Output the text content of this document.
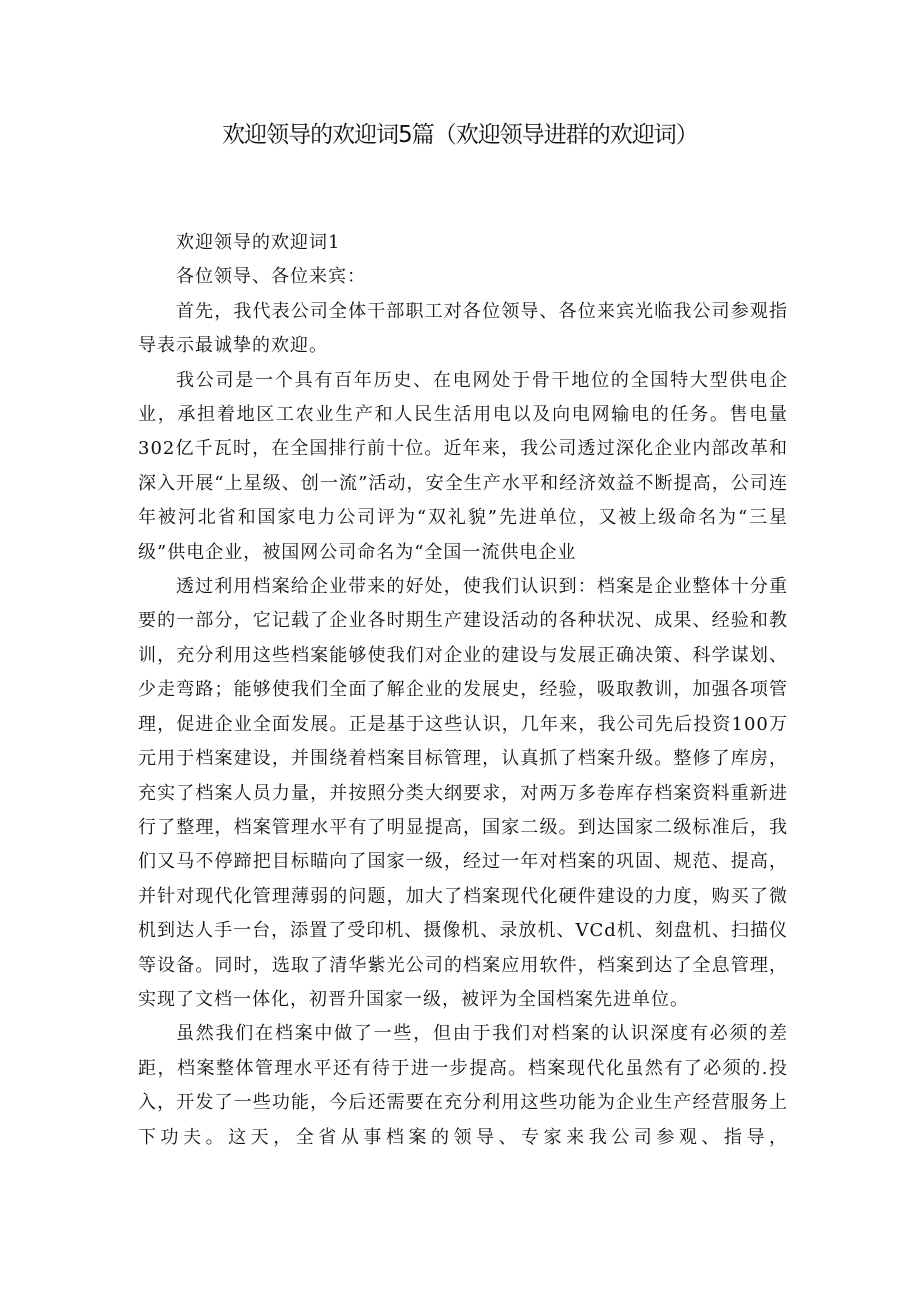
欢迎领导的欢迎词5篇（欢迎领导进群的欢迎词）

欢迎领导的欢迎词1

各位领导、各位来宾：

首先，我代表公司全体干部职工对各位领导、各位来宾光临我公司参观指导表示最诚挚的欢迎。

我公司是一个具有百年历史、在电网处于骨干地位的全国特大型供电企业，承担着地区工农业生产和人民生活用电以及向电网输电的任务。售电量302亿千瓦时，在全国排行前十位。近年来，我公司透过深化企业内部改革和深入开展“上星级、创一流”活动，安全生产水平和经济效益不断提高，公司连年被河北省和国家电力公司评为“双礼貌”先进单位，又被上级命名为“三星级”供电企业，被国网公司命名为“全国一流供电企业

透过利用档案给企业带来的好处，使我们认识到：档案是企业整体十分重要的一部分，它记载了企业各时期生产建设活动的各种状况、成果、经验和教训，充分利用这些档案能够使我们对企业的建设与发展正确决策、科学谋划、少走弯路；能够使我们全面了解企业的发展史，经验，吸取教训，加强各项管理，促进企业全面发展。正是基于这些认识，几年来，我公司先后投资100万元用于档案建设，并围绕着档案目标管理，认真抓了档案升级。整修了库房，充实了档案人员力量，并按照分类大纲要求，对两万多卷库存档案资料重新进行了整理，档案管理水平有了明显提高，国家二级。到达国家二级标准后，我们又马不停蹄把目标瞄向了国家一级，经过一年对档案的巩固、规范、提高，并针对现代化管理薄弱的问题，加大了档案现代化硬件建设的力度，购买了微机到达人手一台，添置了受印机、摄像机、录放机、VCd机、刻盘机、扫描仪等设备。同时，选取了清华紫光公司的档案应用软件，档案到达了全息管理，实现了文档一体化，初晋升国家一级，被评为全国档案先进单位。

虽然我们在档案中做了一些，但由于我们对档案的认识深度有必须的差距，档案整体管理水平还有待于进一步提高。档案现代化虽然有了必须的.投入，开发了一些功能，今后还需要在充分利用这些功能为企业生产经营服务上下功夫。这天，全省从事档案的领导、专家来我公司参观、指导，
